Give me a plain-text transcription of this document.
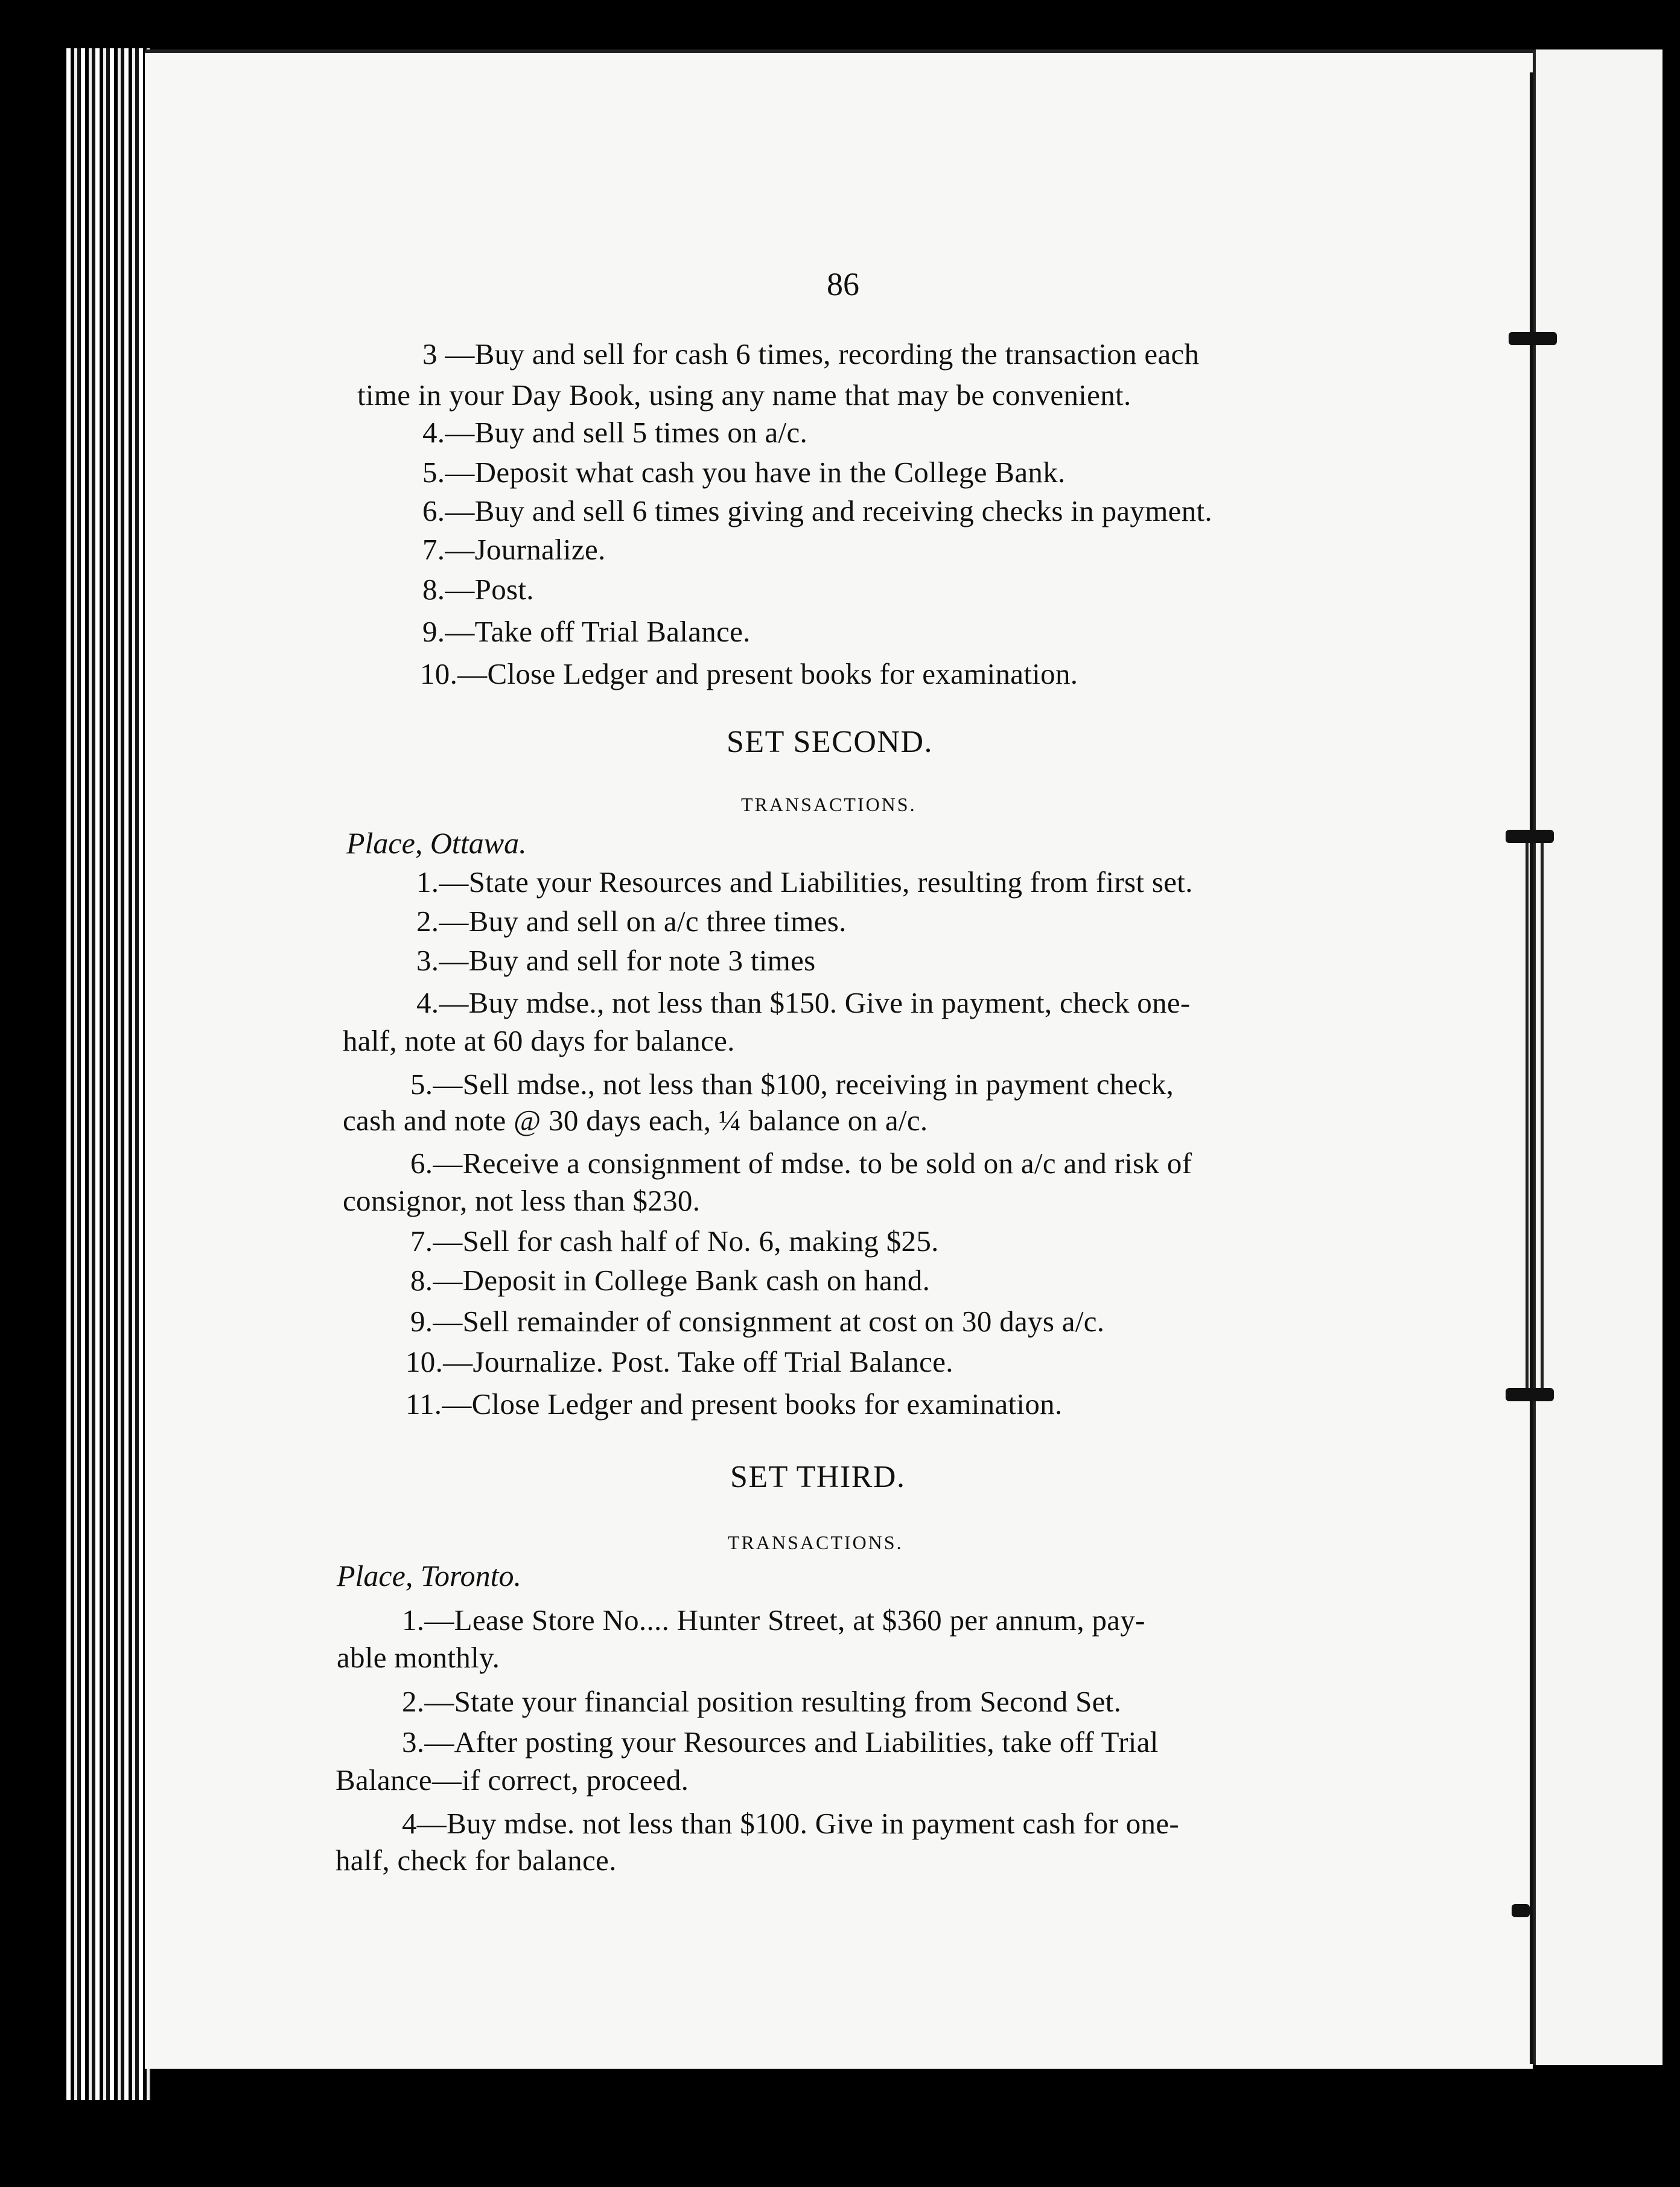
86
3 —Buy and sell for cash 6 times, recording the transaction each
time in your Day Book, using any name that may be convenient.
4.—Buy and sell 5 times on a/c.
5.—Deposit what cash you have in the College Bank.
6.—Buy and sell 6 times giving and receiving checks in payment.
7.—Journalize.
8.—Post.
9.—Take off Trial Balance.
10.—Close Ledger and present books for examination.
SET SECOND.
TRANSACTIONS.
Place, Ottawa.
1.—State your Resources and Liabilities, resulting from first set.
2.—Buy and sell on a/c three times.
3.—Buy and sell for note 3 times
4.—Buy mdse., not less than $150. Give in payment, check one-
half, note at 60 days for balance.
5.—Sell mdse., not less than $100, receiving in payment check,
cash and note @ 30 days each, ¼ balance on a/c.
6.—Receive a consignment of mdse. to be sold on a/c and risk of
consignor, not less than $230.
7.—Sell for cash half of No. 6, making $25.
8.—Deposit in College Bank cash on hand.
9.—Sell remainder of consignment at cost on 30 days a/c.
10.—Journalize. Post. Take off Trial Balance.
11.—Close Ledger and present books for examination.
SET THIRD.
TRANSACTIONS.
Place, Toronto.
1.—Lease Store No.... Hunter Street, at $360 per annum, pay-
able monthly.
2.—State your financial position resulting from Second Set.
3.—After posting your Resources and Liabilities, take off Trial
Balance—if correct, proceed.
4—Buy mdse. not less than $100. Give in payment cash for one-
half, check for balance.
